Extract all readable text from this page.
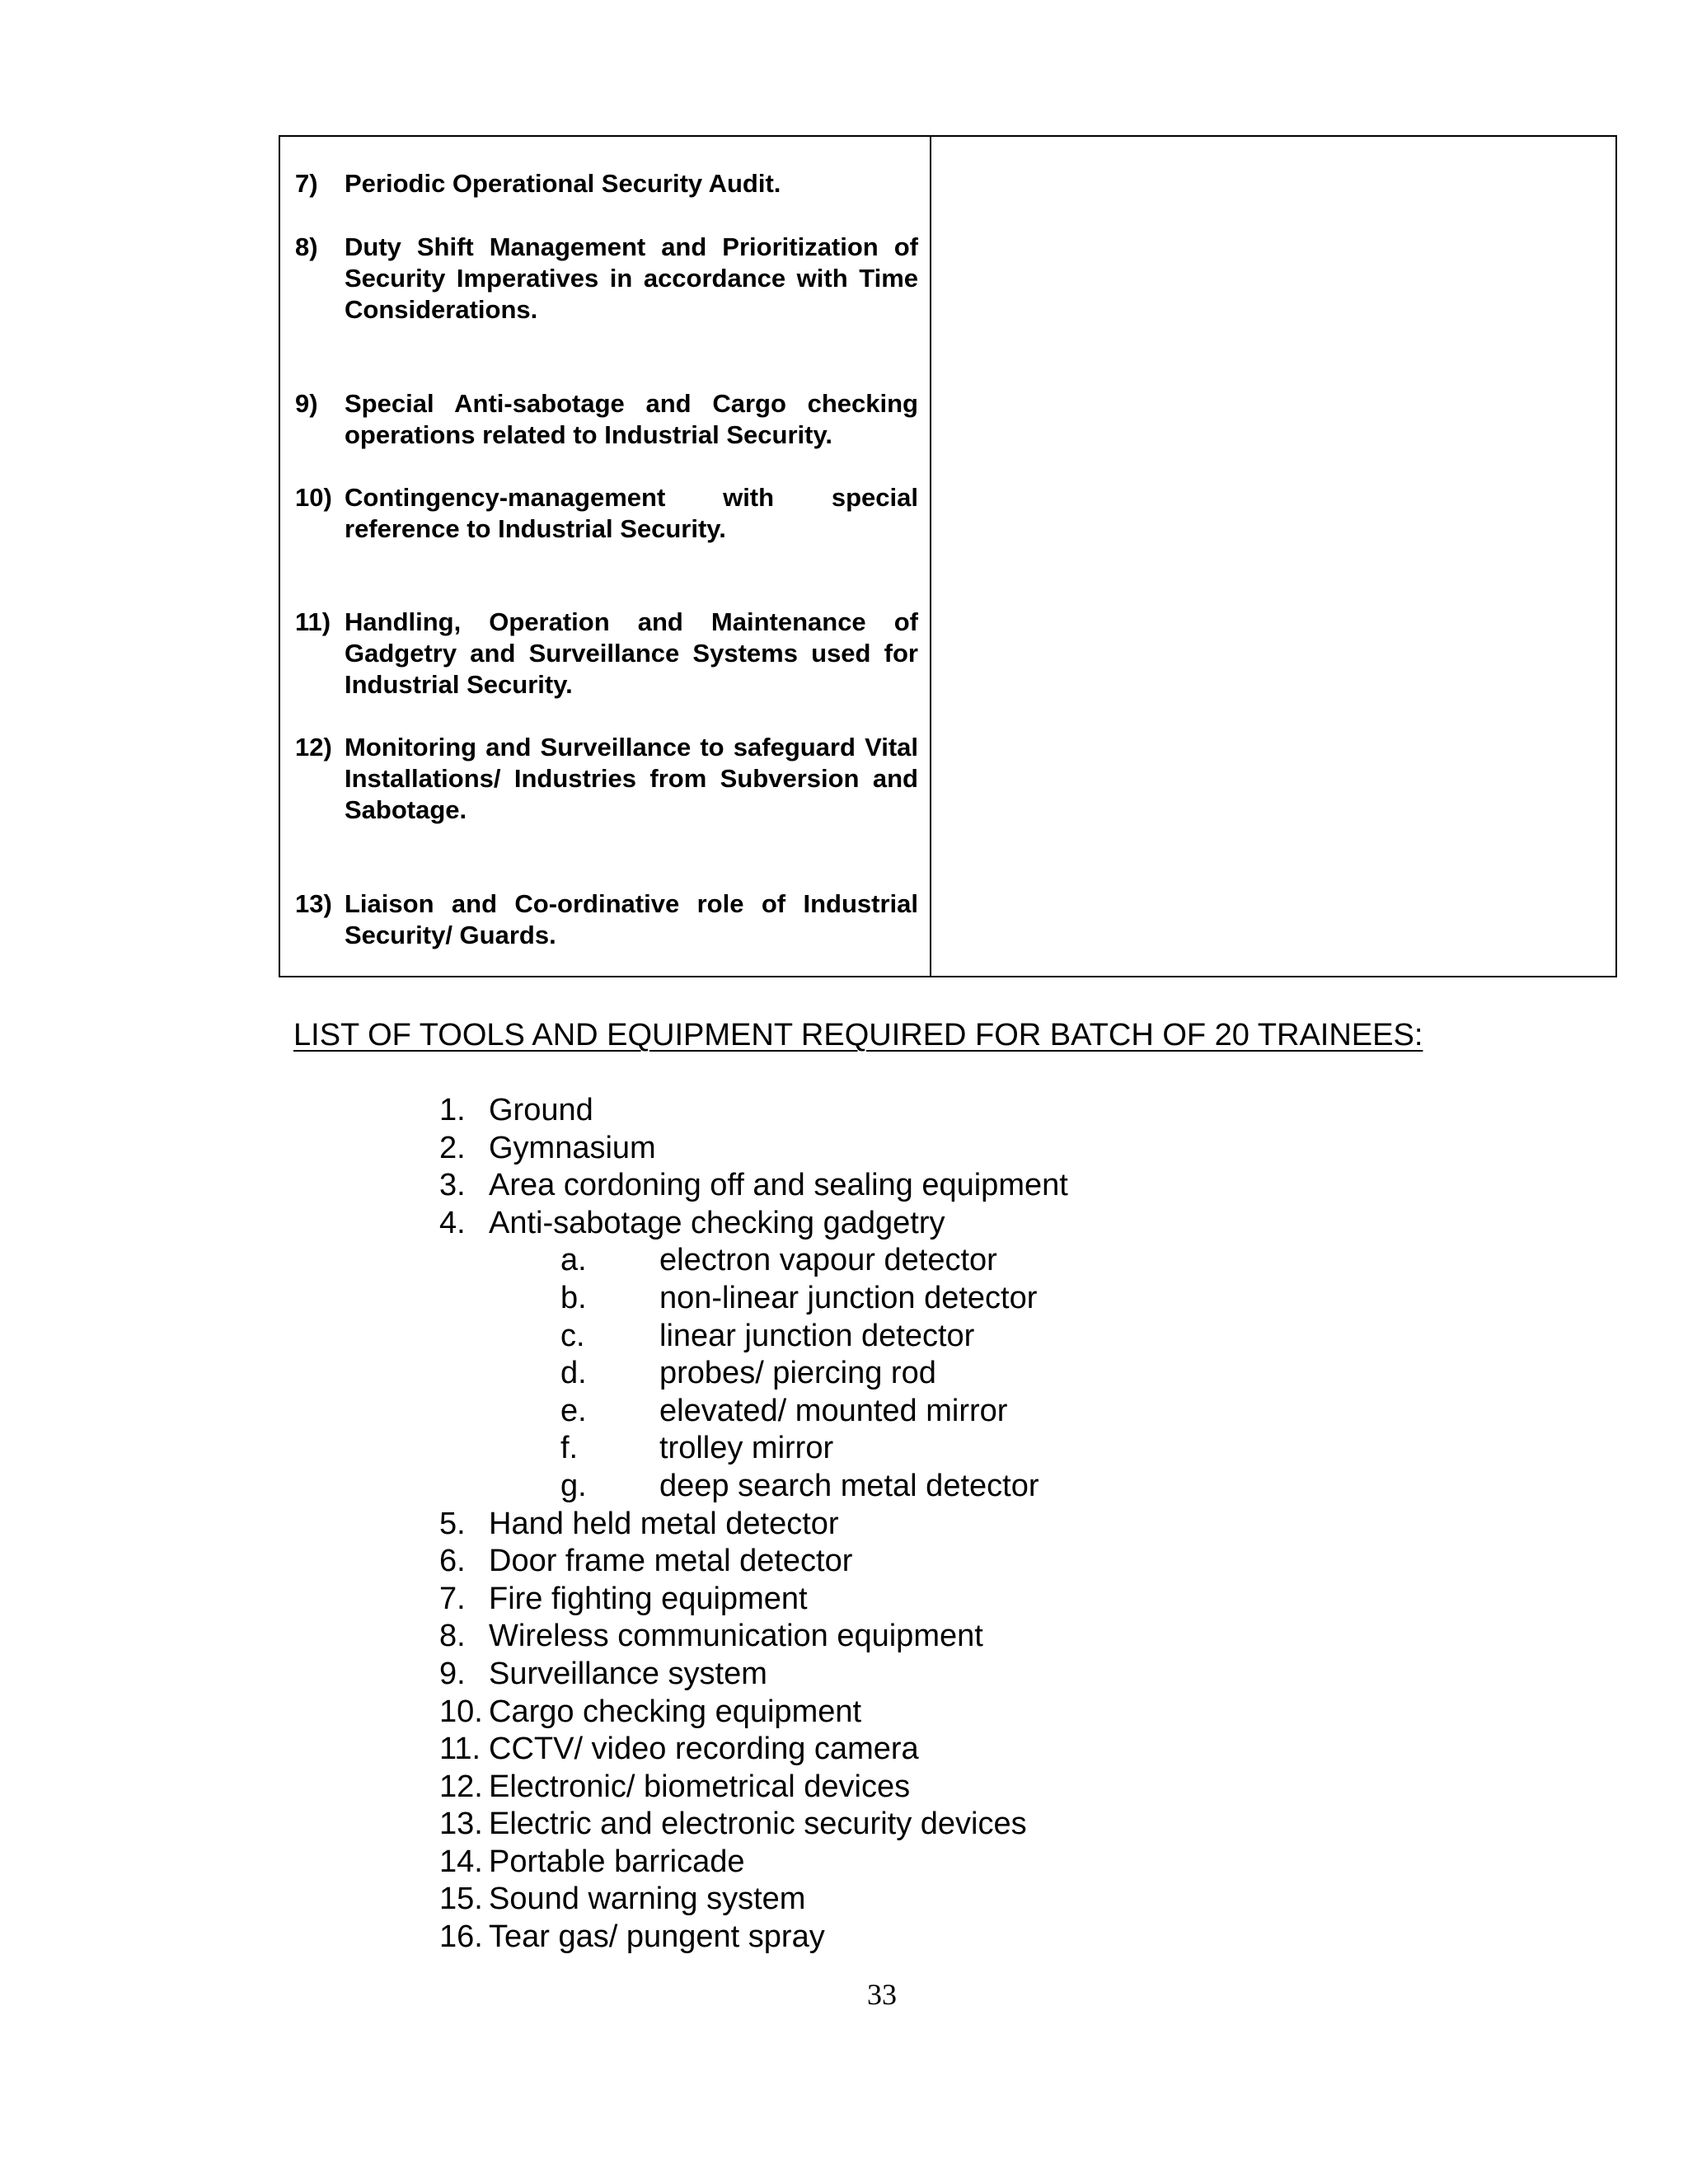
7) Periodic Operational Security Audit.
8) Duty Shift Management and Prioritization of Security Imperatives in accordance with Time Considerations.
9) Special Anti-sabotage and Cargo checking operations related to Industrial Security.
10) Contingency-management with special reference to Industrial Security.
11) Handling, Operation and Maintenance of Gadgetry and Surveillance Systems used for Industrial Security.
12) Monitoring and Surveillance to safeguard Vital Installations/ Industries from Subversion and Sabotage.
13) Liaison and Co-ordinative role of Industrial Security/ Guards.
LIST OF TOOLS AND EQUIPMENT REQUIRED FOR BATCH OF 20 TRAINEES:
1. Ground
2. Gymnasium
3. Area cordoning off and sealing equipment
4. Anti-sabotage checking gadgetry
a. electron vapour detector
b. non-linear junction detector
c. linear junction detector
d. probes/ piercing rod
e. elevated/ mounted mirror
f.	trolley mirror
g. deep search metal detector
5. Hand held metal detector
6. Door frame metal detector
7. Fire fighting equipment
8. Wireless communication equipment
9. Surveillance system
10. Cargo checking equipment
11. CCTV/ video recording camera
12. Electronic/ biometrical devices
13. Electric and electronic security devices
14. Portable barricade
15. Sound warning system
16. Tear gas/ pungent spray
33
